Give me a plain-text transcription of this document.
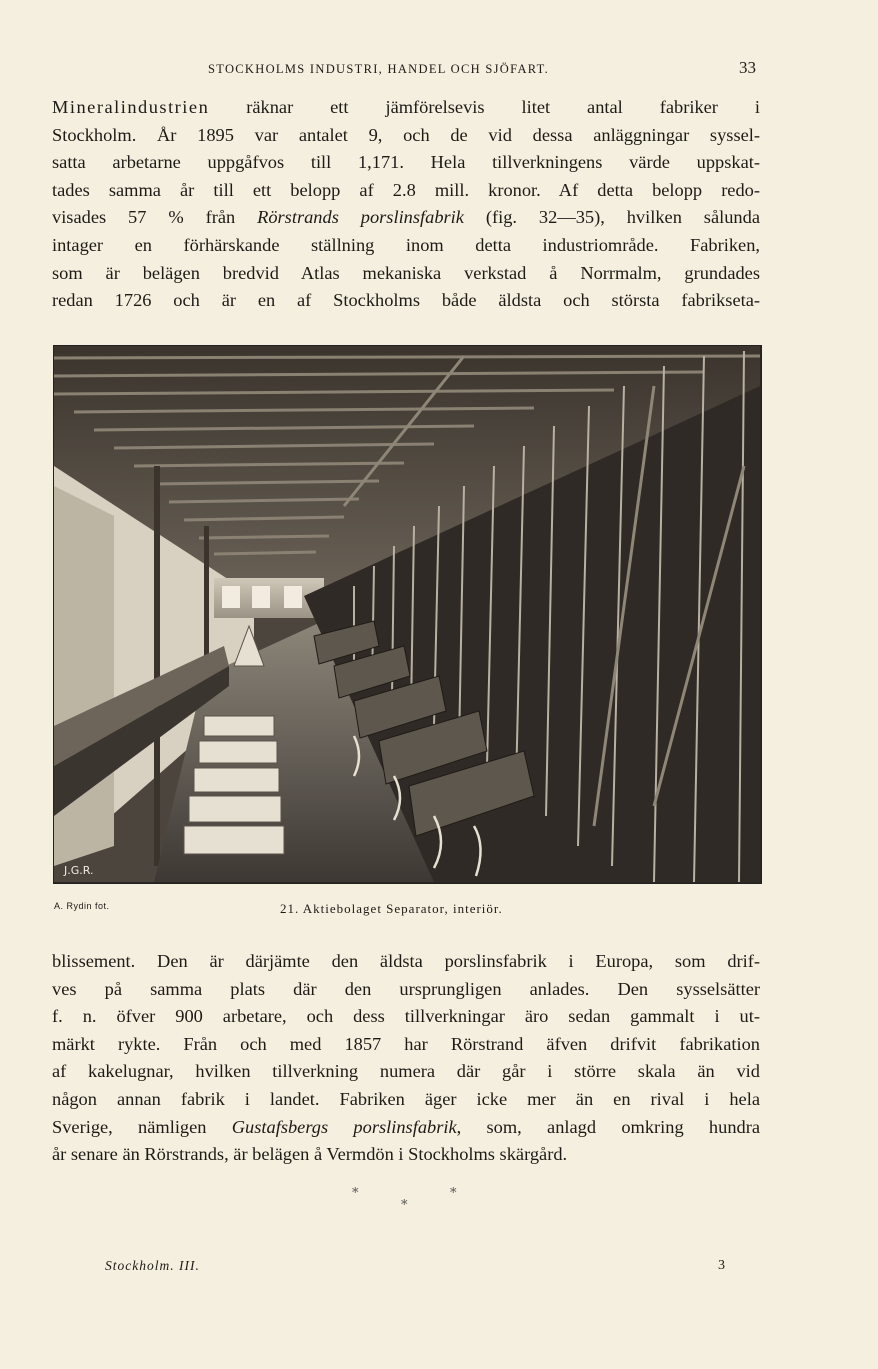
STOCKHOLMS INDUSTRI, HANDEL OCH SJÖFART.	33
Mineralindustrien räknar ett jämförelsevis litet antal fabriker i
Stockholm. År 1895 var antalet 9, och de vid dessa anläggningar syssel-
satta arbetarne uppgåfvos till 1,171. Hela tillverkningens värde uppskat-
tades samma år till ett belopp af 2.8 mill. kronor. Af detta belopp redo-
visades 57 % från Rörstrands porslinsfabrik (fig. 32—35), hvilken sålunda
intager en förhärskande ställning inom detta industriområde. Fabriken,
som är belägen bredvid Atlas mekaniska verkstad å Norrmalm, grundades
redan 1726 och är en af Stockholms både äldsta och största fabrikseta-
J.G.R.
A. Rydin fot.	21. Aktiebolaget Separator, interiör.
blissement. Den är därjämte den äldsta porslinsfabrik i Europa, som drif-
ves på samma plats där den ursprungligen anlades. Den sysselsätter
f. n. öfver 900 arbetare, och dess tillverkningar äro sedan gammalt i ut-
märkt rykte. Från och med 1857 har Rörstrand äfven drifvit fabrikation
af kakelugnar, hvilken tillverkning numera där går i större skala än vid
någon annan fabrik i landet. Fabriken äger icke mer än en rival i hela
Sverige, nämligen Gustafsbergs porslinsfabrik, som, anlagd omkring hundra
år senare än Rörstrands, är belägen å Vermdön i Stockholms skärgård.
*	*
*
Stockholm. III.	3
